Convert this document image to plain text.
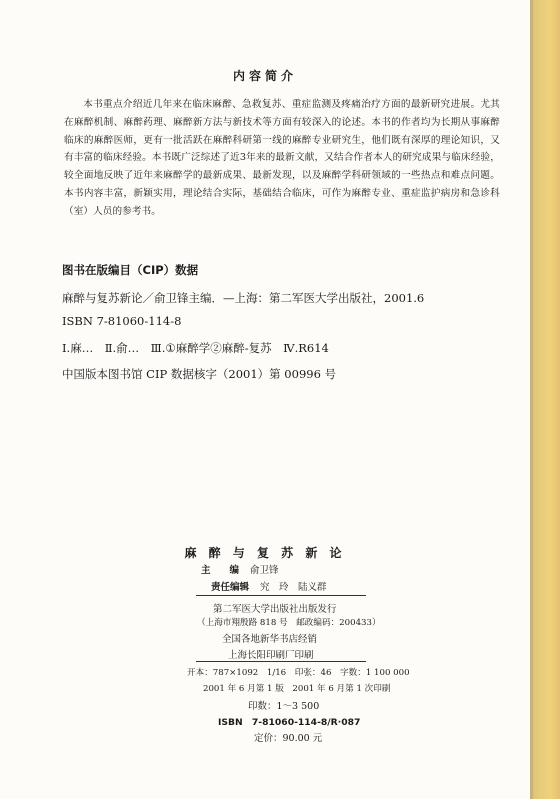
内容简介
本书重点介绍近几年来在临床麻醉、急救复苏、重症监测及疼痛治疗方面的最新研究进展。尤其在麻醉机制、麻醉药理、麻醉新方法与新技术等方面有较深入的论述。本书的作者均为长期从事麻醉临床的麻醉医师，更有一批活跃在麻醉科研第一线的麻醉专业研究生，他们既有深厚的理论知识，又有丰富的临床经验。本书既广泛综述了近3年来的最新文献，又结合作者本人的研究成果与临床经验，较全面地反映了近年来麻醉学的最新成果、最新发现，以及麻醉学科研领域的一些热点和难点问题。本书内容丰富，新颖实用，理论结合实际，基础结合临床，可作为麻醉专业、重症监护病房和急诊科（室）人员的参考书。
图书在版编目（CIP）数据
麻醉与复苏新论／俞卫锋主编．—上海：第二军医大学出版社，2001.6
ISBN 7-81060-114-8
Ⅰ.麻…　Ⅱ.俞…　Ⅲ.①麻醉学②麻醉-复苏　Ⅳ.R614
中国版本图书馆 CIP 数据核字（2001）第 00996 号
麻 醉 与 复 苏 新 论
主　　编 俞卫锋
责任编辑 究　玲　陆义群
第二军医大学出版社出版发行
（上海市翔殷路 818 号　邮政编码：200433）
全国各地新华书店经销
上海长阳印刷厂印刷
开本：787×1092　1/16　印张：46　字数：1 100 000
2001 年 6 月第 1 版　2001 年 6 月第 1 次印刷
印数：1～3 500
ISBN　7-81060-114-8/R·087
定价：90.00 元
